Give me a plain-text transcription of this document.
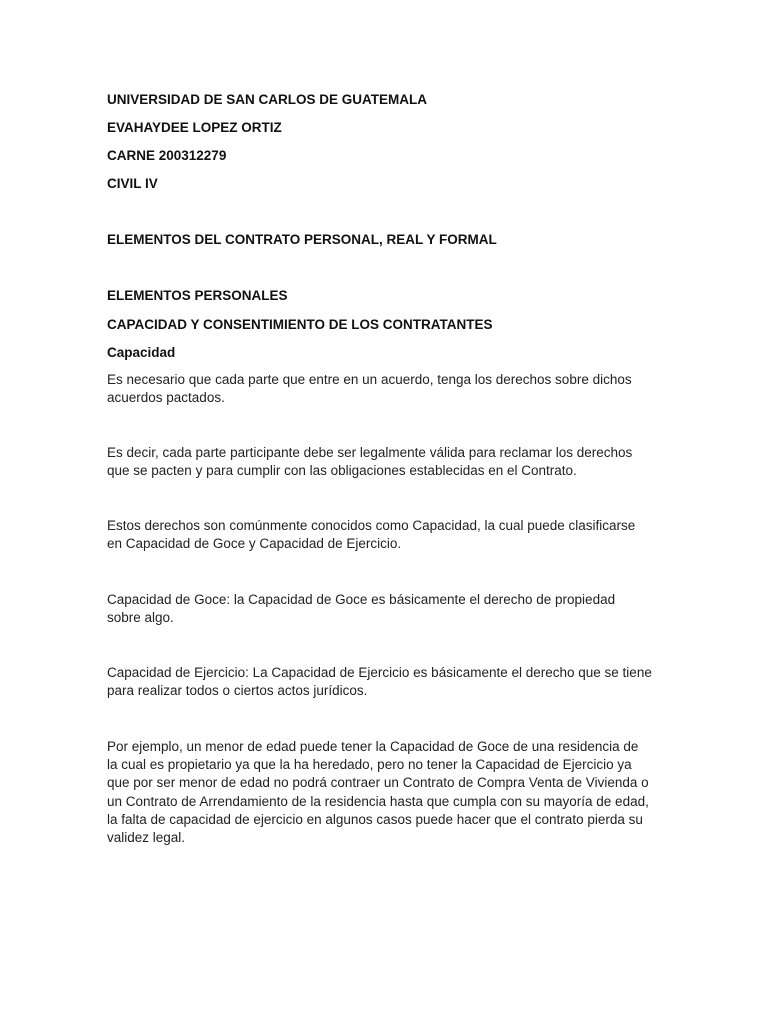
UNIVERSIDAD DE SAN CARLOS DE GUATEMALA

EVAHAYDEE LOPEZ ORTIZ

CARNE 200312279

CIVIL IV

ELEMENTOS DEL CONTRATO PERSONAL, REAL Y FORMAL

ELEMENTOS PERSONALES

CAPACIDAD Y CONSENTIMIENTO DE LOS CONTRATANTES

Capacidad

Es necesario que cada parte que entre en un acuerdo, tenga los derechos sobre dichos acuerdos pactados.

Es decir, cada parte participante debe ser legalmente válida para reclamar los derechos que se pacten y para cumplir con las obligaciones establecidas en el Contrato.

Estos derechos son comúnmente conocidos como Capacidad, la cual puede clasificarse en Capacidad de Goce y Capacidad de Ejercicio.

Capacidad de Goce: la Capacidad de Goce es básicamente el derecho de propiedad sobre algo.

Capacidad de Ejercicio: La Capacidad de Ejercicio es básicamente el derecho que se tiene para realizar todos o ciertos actos jurídicos.

Por ejemplo, un menor de edad puede tener la Capacidad de Goce de una residencia de la cual es propietario ya que la ha heredado, pero no tener la Capacidad de Ejercicio ya que por ser menor de edad no podrá contraer un Contrato de Compra Venta de Vivienda o un Contrato de Arrendamiento de la residencia hasta que cumpla con su mayoría de edad, la falta de capacidad de ejercicio en algunos casos puede hacer que el contrato pierda su validez legal.
